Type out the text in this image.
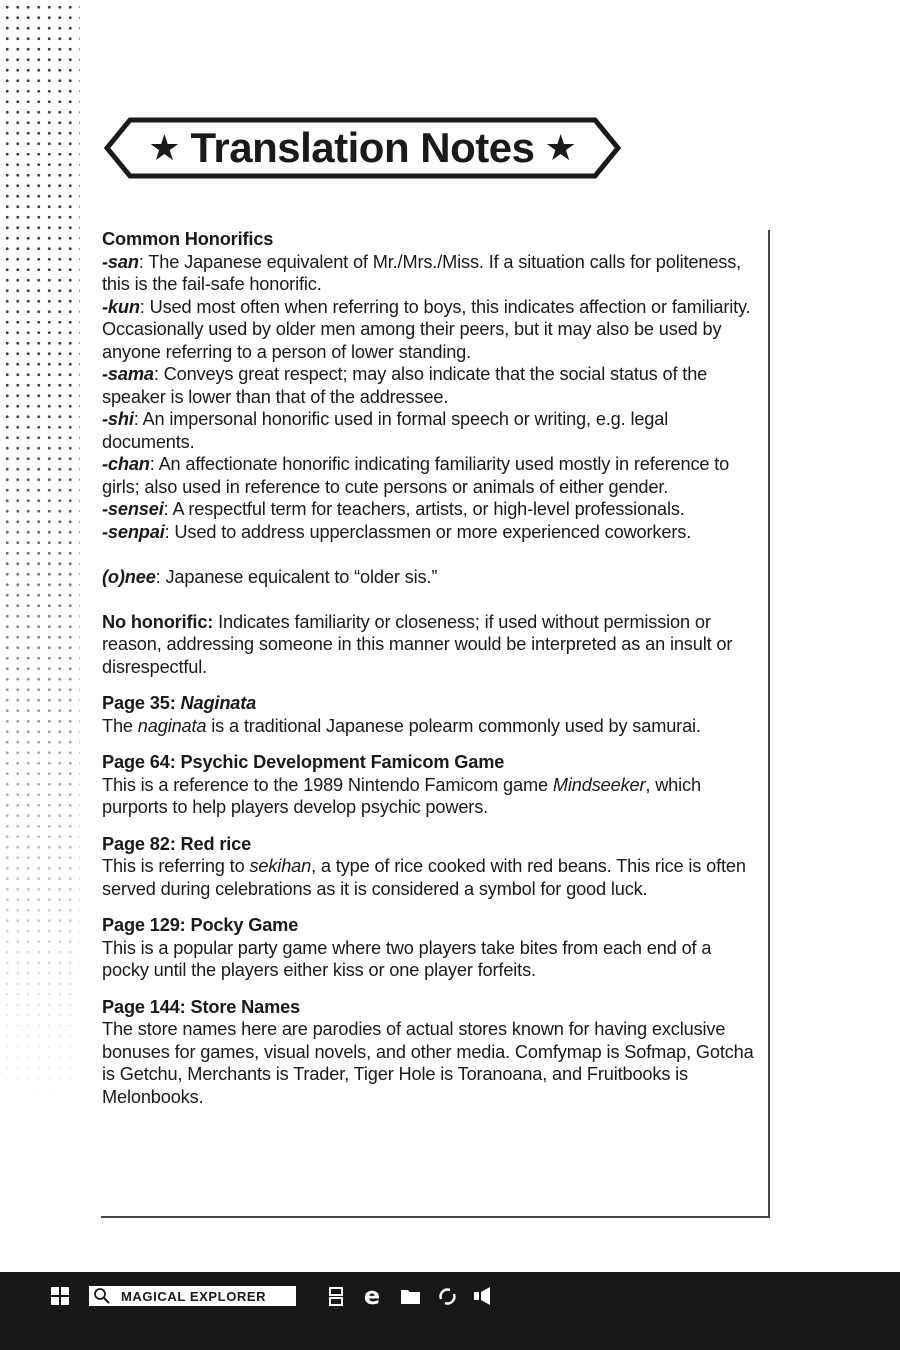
★ Translation Notes ★

Common Honorifics

-san: The Japanese equivalent of Mr./Mrs./Miss. If a situation calls for politeness, this is the fail-safe honorific.

-kun: Used most often when referring to boys, this indicates affection or familiarity. Occasionally used by older men among their peers, but it may also be used by anyone referring to a person of lower standing.

-sama: Conveys great respect; may also indicate that the social status of the speaker is lower than that of the addressee.

-shi: An impersonal honorific used in formal speech or writing, e.g. legal documents.

-chan: An affectionate honorific indicating familiarity used mostly in reference to girls; also used in reference to cute persons or animals of either gender.

-sensei: A respectful term for teachers, artists, or high-level professionals.

-senpai: Used to address upperclassmen or more experienced coworkers.

(o)nee: Japanese equicalent to “older sis.”

No honorific: Indicates familiarity or closeness; if used without permission or reason, addressing someone in this manner would be interpreted as an insult or disrespectful.

Page 35: Naginata

The naginata is a traditional Japanese polearm commonly used by samurai.

Page 64: Psychic Development Famicom Game

This is a reference to the 1989 Nintendo Famicom game Mindseeker, which purports to help players develop psychic powers.

Page 82: Red rice

This is referring to sekihan, a type of rice cooked with red beans. This rice is often served during celebrations as it is considered a symbol for good luck.

Page 129: Pocky Game

This is a popular party game where two players take bites from each end of a pocky until the players either kiss or one player forfeits.

Page 144: Store Names

The store names here are parodies of actual stores known for having exclusive bonuses for games, visual novels, and other media. Comfymap is Sofmap, Gotcha is Getchu, Merchants is Trader, Tiger Hole is Toranoana, and Fruitbooks is Melonbooks.

MAGICAL EXPLORER	e
